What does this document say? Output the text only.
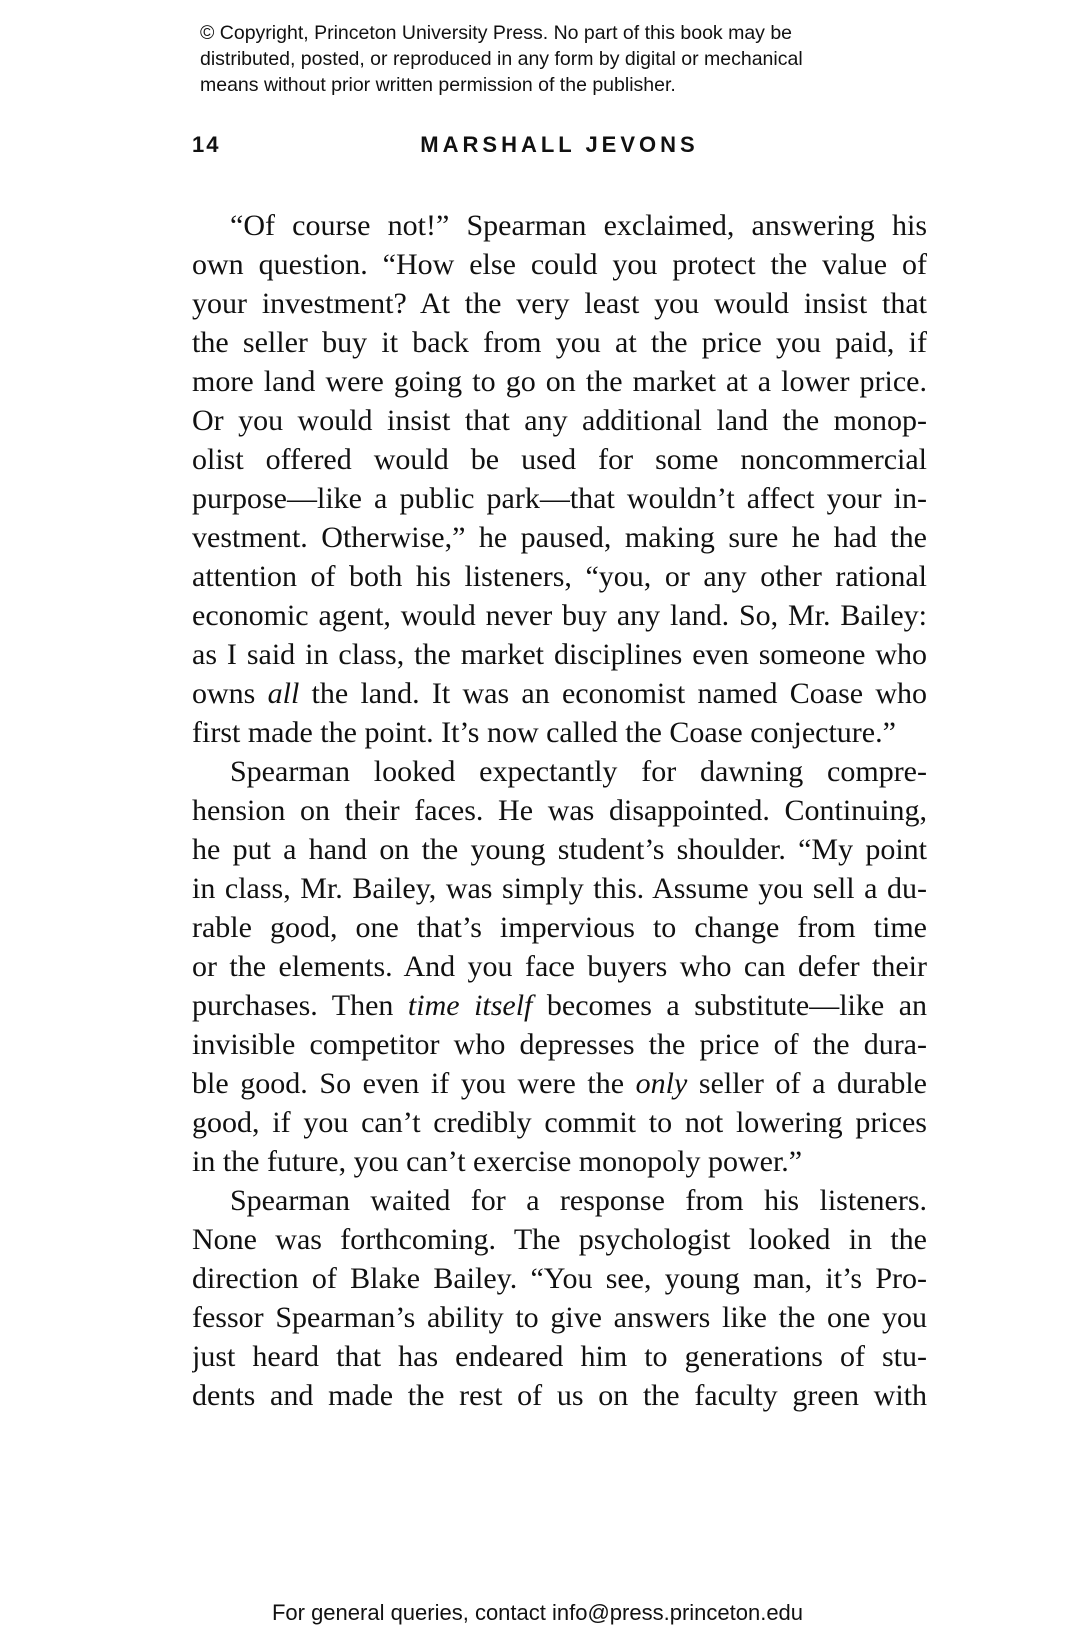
© Copyright, Princeton University Press. No part of this book may be
distributed, posted, or reproduced in any form by digital or mechanical
means without prior written permission of the publisher.
14	MARSHALL JEVONS
“Of course not!” Spearman exclaimed, answering his
own question. “How else could you protect the value of
your investment? At the very least you would insist that
the seller buy it back from you at the price you paid, if
more land were going to go on the market at a lower price.
Or you would insist that any additional land the monop-
olist offered would be used for some noncommercial
purpose—like a public park—that wouldn’t affect your in-
vestment. Otherwise,” he paused, making sure he had the
attention of both his listeners, “you, or any other rational
economic agent, would never buy any land. So, Mr. Bailey:
as I said in class, the market disciplines even someone who
owns all the land. It was an economist named Coase who
first made the point. It’s now called the Coase conjecture.”
Spearman looked expectantly for dawning compre-
hension on their faces. He was disappointed. Continuing,
he put a hand on the young student’s shoulder. “My point
in class, Mr. Bailey, was simply this. Assume you sell a du-
rable good, one that’s impervious to change from time
or the elements. And you face buyers who can defer their
purchases. Then time itself becomes a substitute—like an
invisible competitor who depresses the price of the dura-
ble good. So even if you were the only seller of a durable
good, if you can’t credibly commit to not lowering prices
in the future, you can’t exercise monopoly power.”
Spearman waited for a response from his listeners.
None was forthcoming. The psychologist looked in the
direction of Blake Bailey. “You see, young man, it’s Pro-
fessor Spearman’s ability to give answers like the one you
just heard that has endeared him to generations of stu-
dents and made the rest of us on the faculty green with
For general queries, contact info@press.princeton.edu
